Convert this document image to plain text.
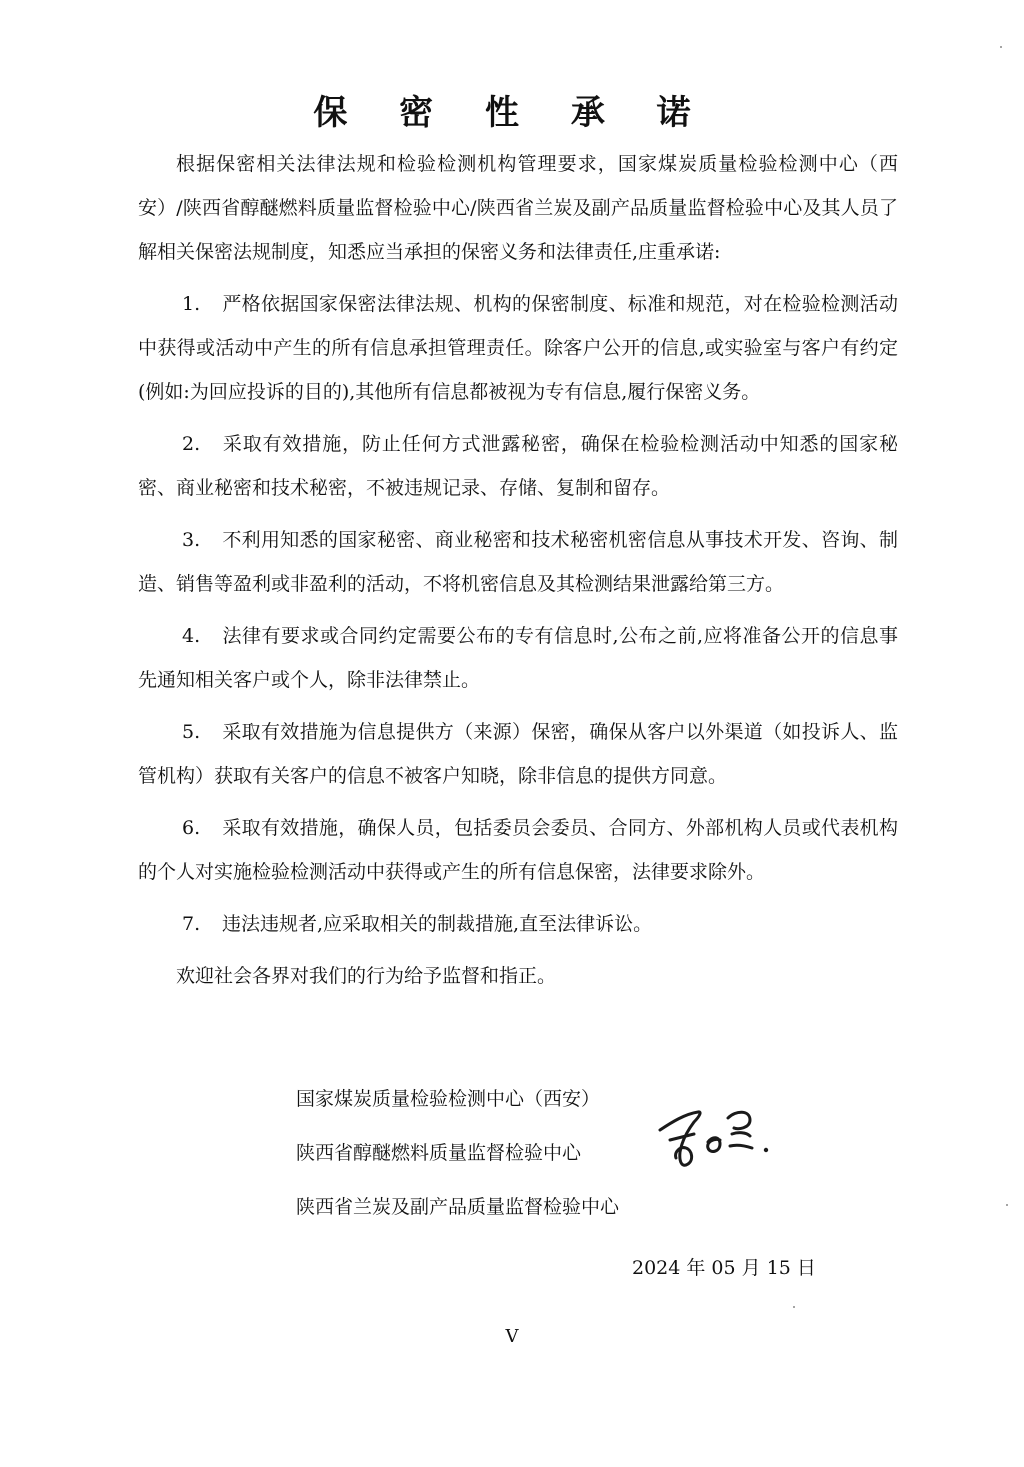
保 密 性 承 诺

根据保密相关法律法规和检验检测机构管理要求，国家煤炭质量检验检测中心（西安）/陕西省醇醚燃料质量监督检验中心/陕西省兰炭及副产品质量监督检验中心及其人员了解相关保密法规制度，知悉应当承担的保密义务和法律责任,庄重承诺:

1. 严格依据国家保密法律法规、机构的保密制度、标准和规范，对在检验检测活动中获得或活动中产生的所有信息承担管理责任。除客户公开的信息,或实验室与客户有约定(例如:为回应投诉的目的),其他所有信息都被视为专有信息,履行保密义务。

2. 采取有效措施，防止任何方式泄露秘密，确保在检验检测活动中知悉的国家秘密、商业秘密和技术秘密，不被违规记录、存储、复制和留存。

3. 不利用知悉的国家秘密、商业秘密和技术秘密机密信息从事技术开发、咨询、制造、销售等盈利或非盈利的活动，不将机密信息及其检测结果泄露给第三方。

4. 法律有要求或合同约定需要公布的专有信息时,公布之前,应将准备公开的信息事先通知相关客户或个人，除非法律禁止。

5. 采取有效措施为信息提供方（来源）保密，确保从客户以外渠道（如投诉人、监管机构）获取有关客户的信息不被客户知晓，除非信息的提供方同意。

6. 采取有效措施，确保人员，包括委员会委员、合同方、外部机构人员或代表机构的个人对实施检验检测活动中获得或产生的所有信息保密，法律要求除外。

7. 违法违规者,应采取相关的制裁措施,直至法律诉讼。

欢迎社会各界对我们的行为给予监督和指正。

国家煤炭质量检验检测中心（西安）
陕西省醇醚燃料质量监督检验中心
陕西省兰炭及副产品质量监督检验中心
2024 年 05 月 15 日
V
